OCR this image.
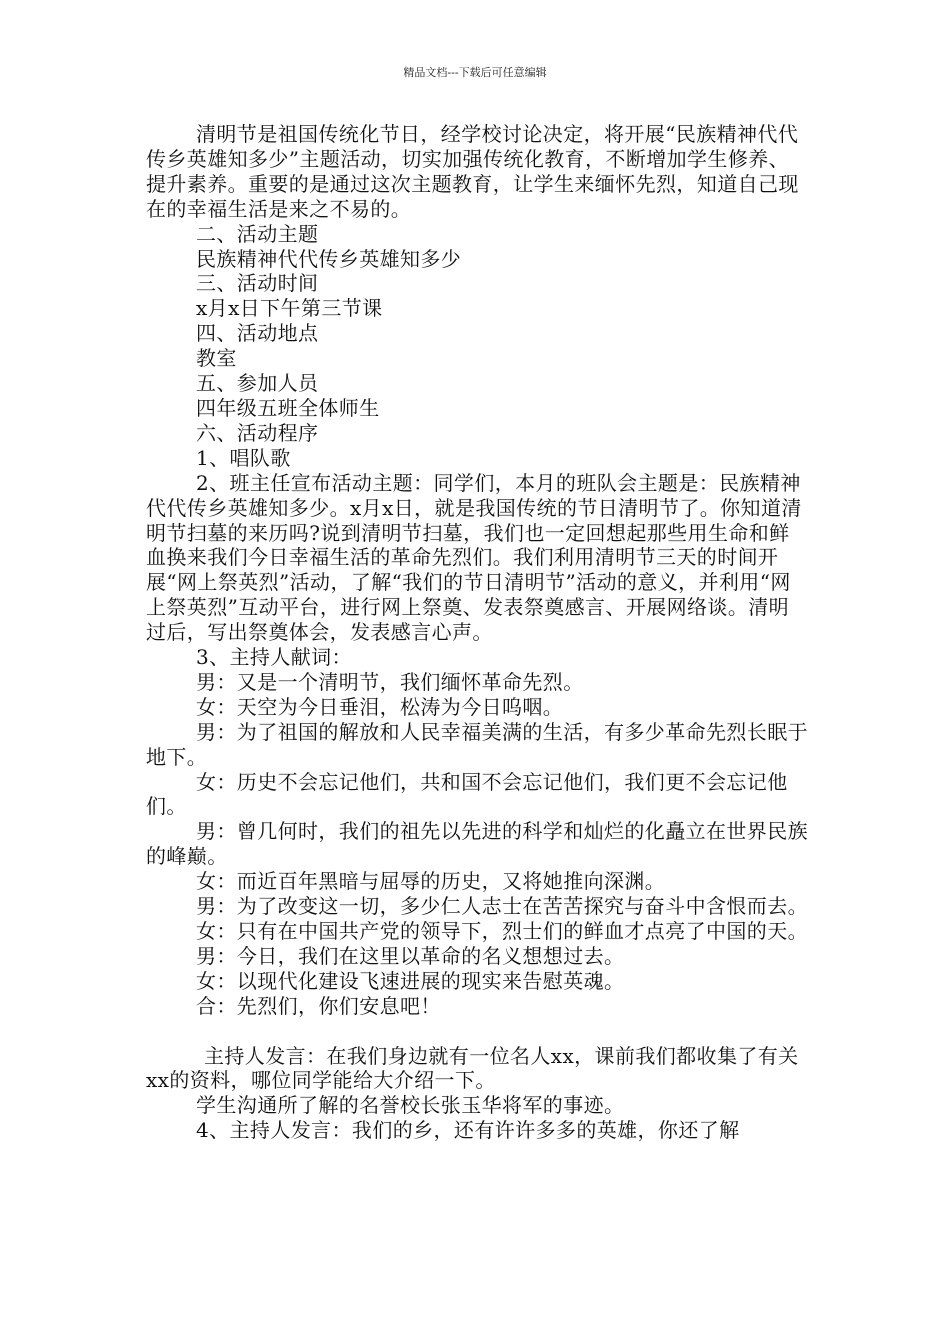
精品文档---下载后可任意编辑

清明节是祖国传统化节日，经学校讨论决定，将开展“民族精神代代传乡英雄知多少”主题活动，切实加强传统化教育，不断增加学生修养、提升素养。重要的是通过这次主题教育，让学生来缅怀先烈，知道自己现在的幸福生活是来之不易的。

二、活动主题

民族精神代代传乡英雄知多少

三、活动时间

x月x日下午第三节课

四、活动地点

教室

五、参加人员

四年级五班全体师生

六、活动程序

1、唱队歌

2、班主任宣布活动主题：同学们，本月的班队会主题是：民族精神代代传乡英雄知多少。x月x日，就是我国传统的节日清明节了。你知道清明节扫墓的来历吗?说到清明节扫墓，我们也一定回想起那些用生命和鲜血换来我们今日幸福生活的革命先烈们。我们利用清明节三天的时间开展“网上祭英烈”活动，了解“我们的节日清明节”活动的意义，并利用“网上祭英烈”互动平台，进行网上祭奠、发表祭奠感言、开展网络谈。清明过后，写出祭奠体会，发表感言心声。

3、主持人献词：

男：又是一个清明节，我们缅怀革命先烈。

女：天空为今日垂泪，松涛为今日呜咽。

男：为了祖国的解放和人民幸福美满的生活，有多少革命先烈长眠于地下。

女：历史不会忘记他们，共和国不会忘记他们，我们更不会忘记他们。

男：曾几何时，我们的祖先以先进的科学和灿烂的化矗立在世界民族的峰巅。

女：而近百年黑暗与屈辱的历史，又将她推向深渊。

男：为了改变这一切，多少仁人志士在苦苦探究与奋斗中含恨而去。

女：只有在中国共产党的领导下，烈士们的鲜血才点亮了中国的天。

男：今日，我们在这里以革命的名义想想过去。

女：以现代化建设飞速进展的现实来告慰英魂。

合：先烈们，你们安息吧！

主持人发言：在我们身边就有一位名人xx，课前我们都收集了有关xx的资料，哪位同学能给大介绍一下。

学生沟通所了解的名誉校长张玉华将军的事迹。

4、主持人发言：我们的乡，还有许许多多的英雄，你还了解
